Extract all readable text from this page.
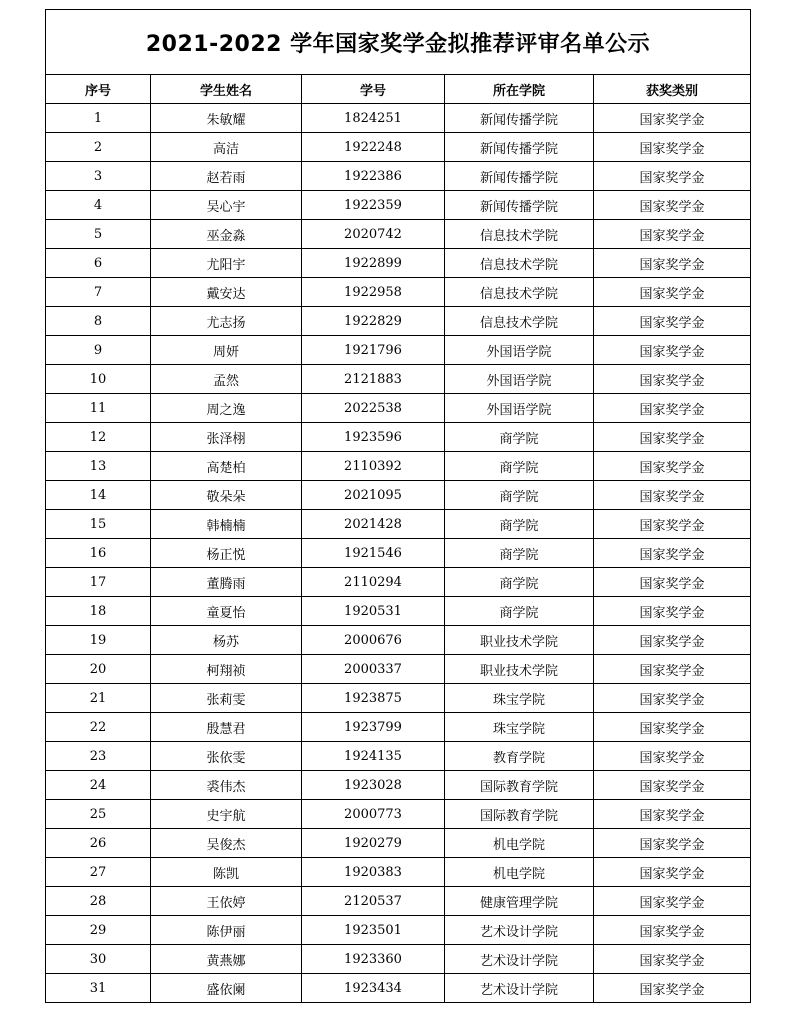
2021-2022 学年国家奖学金拟推荐评审名单公示				
序号	学生姓名	学号	所在学院	获奖类别
1	朱敏耀	1824251	新闻传播学院	国家奖学金
2	高洁	1922248	新闻传播学院	国家奖学金
3	赵若雨	1922386	新闻传播学院	国家奖学金
4	吴心宇	1922359	新闻传播学院	国家奖学金
5	巫金淼	2020742	信息技术学院	国家奖学金
6	尤阳宇	1922899	信息技术学院	国家奖学金
7	戴安达	1922958	信息技术学院	国家奖学金
8	尤志扬	1922829	信息技术学院	国家奖学金
9	周妍	1921796	外国语学院	国家奖学金
10	孟然	2121883	外国语学院	国家奖学金
11	周之逸	2022538	外国语学院	国家奖学金
12	张泽栩	1923596	商学院	国家奖学金
13	高楚柏	2110392	商学院	国家奖学金
14	敬朵朵	2021095	商学院	国家奖学金
15	韩楠楠	2021428	商学院	国家奖学金
16	杨正悦	1921546	商学院	国家奖学金
17	董腾雨	2110294	商学院	国家奖学金
18	童夏怡	1920531	商学院	国家奖学金
19	杨苏	2000676	职业技术学院	国家奖学金
20	柯翔祯	2000337	职业技术学院	国家奖学金
21	张莉雯	1923875	珠宝学院	国家奖学金
22	殷慧君	1923799	珠宝学院	国家奖学金
23	张依雯	1924135	教育学院	国家奖学金
24	裘伟杰	1923028	国际教育学院	国家奖学金
25	史宇航	2000773	国际教育学院	国家奖学金
26	吴俊杰	1920279	机电学院	国家奖学金
27	陈凯	1920383	机电学院	国家奖学金
28	王依婷	2120537	健康管理学院	国家奖学金
29	陈伊丽	1923501	艺术设计学院	国家奖学金
30	黄燕娜	1923360	艺术设计学院	国家奖学金
31	盛依阑	1923434	艺术设计学院	国家奖学金
